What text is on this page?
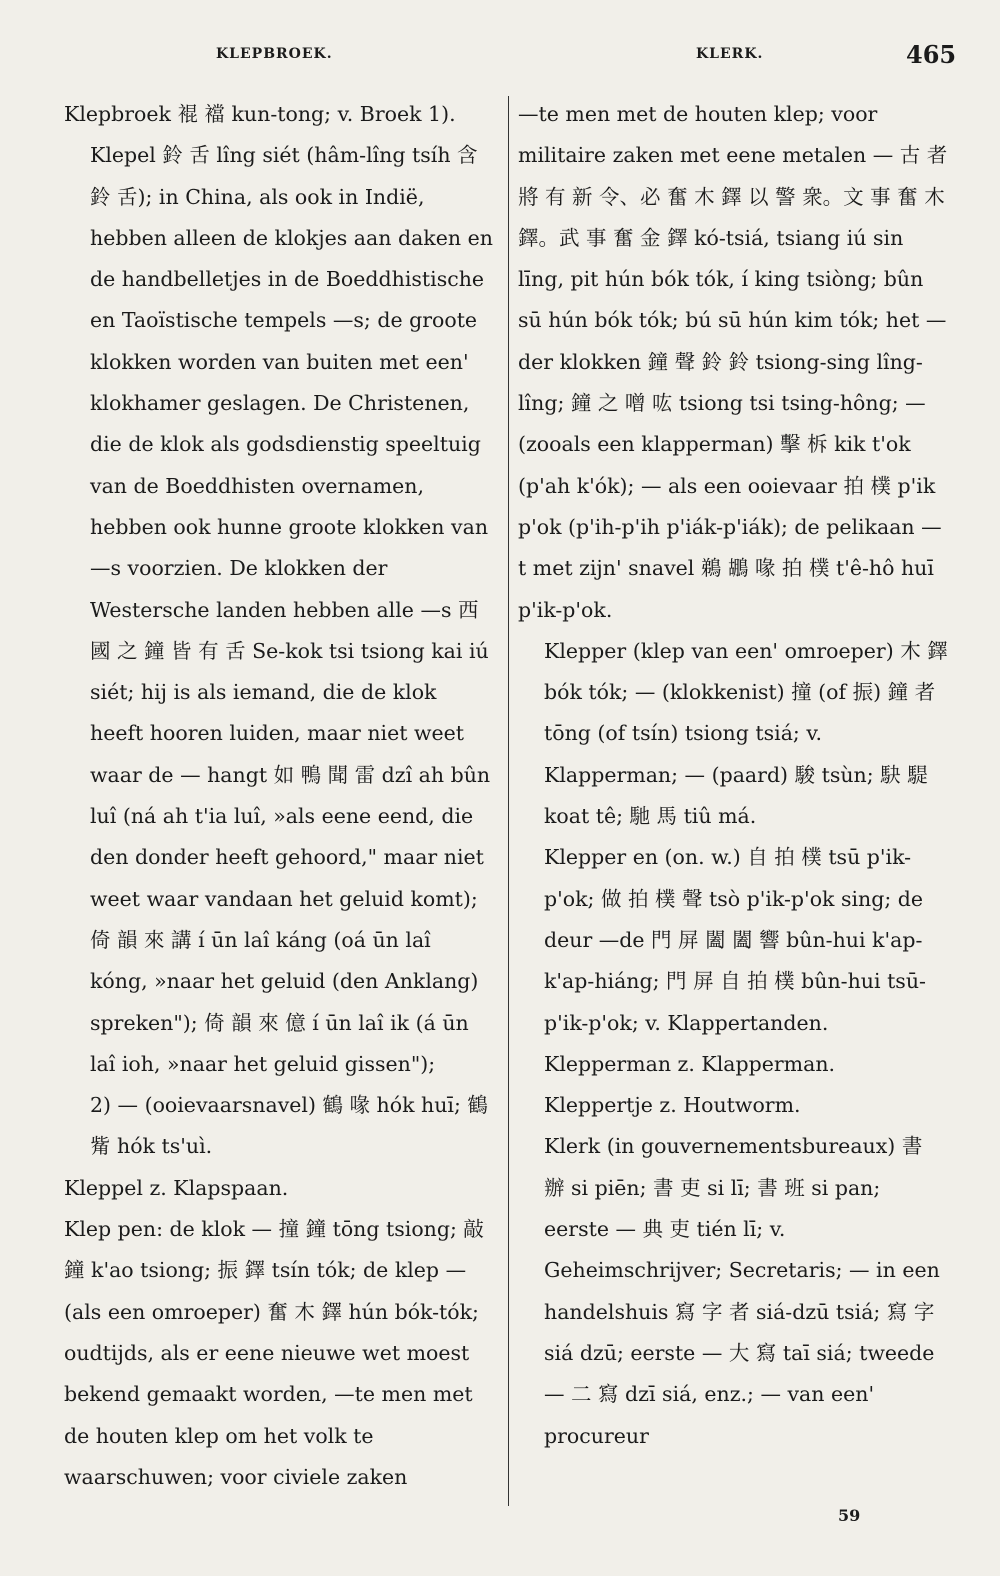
KLEPBROEK.	KLERK.	465

Klepbroek 裩 襠 kun-tong; v. Broek 1).

Klepel 鈴 舌 lîng siét (hâm-lîng tsíh 含 鈴 舌); in China, als ook in Indië, hebben alleen de klokjes aan daken en de handbelletjes in de Boeddhistische en Taoïstische tempels —s; de groote klokken worden van buiten met een' klokhamer geslagen. De Christenen, die de klok als godsdienstig speeltuig van de Boeddhisten overnamen, hebben ook hunne groote klokken van —s voorzien. De klokken der Westersche landen hebben alle —s 西 國 之 鐘 皆 有 舌 Se-kok tsi tsiong kai iú siét; hij is als iemand, die de klok heeft hooren luiden, maar niet weet waar de — hangt 如 鴨 聞 雷 dzî ah bûn luî (ná ah t'ia luî, »als eene eend, die den donder heeft gehoord," maar niet weet waar vandaan het geluid komt); 倚 韻 來 講 í ūn laî káng (oá ūn laî kóng, »naar het geluid (den Anklang) spreken"); 倚 韻 來 億 í ūn laî ik (á ūn laî ioh, »naar het geluid gissen");

2) — (ooievaarsnavel) 鶴 喙 hók huī; 鶴 觜 hók ts'uì.

Kleppel z. Klapspaan.

Klep pen: de klok — 撞 鐘 tōng tsiong; 敲 鐘 k'ao tsiong; 振 鐸 tsín tók; de klep — (als een omroeper) 奮 木 鐸 hún bók-tók; oudtijds, als er eene nieuwe wet moest bekend gemaakt worden, —te men met de houten klep om het volk te waarschuwen; voor civiele zaken

—te men met de houten klep; voor militaire zaken met eene metalen — 古 者 將 有 新 令、必 奮 木 鐸 以 警 衆。文 事 奮 木 鐸。武 事 奮 金 鐸 kó-tsiá, tsiang iú sin līng, pit hún bók tók, í king tsiòng; bûn sū hún bók tók; bú sū hún kim tók; het — der klokken 鐘 聲 鈴 鈴 tsiong-sing lîng-lîng; 鐘 之 噌 吰 tsiong tsi tsing-hông; — (zooals een klapperman) 擊 柝 kik t'ok (p'ah k'ók); — als een ooievaar 拍 樸 p'ik p'ok (p'ih-p'ih p'iák-p'iák); de pelikaan —t met zijn' snavel 鵜 鶘 喙 拍 樸 t'ê-hô huī p'ik-p'ok.

Klepper (klep van een' omroeper) 木 鐸 bók tók; — (klokkenist) 撞 (of 振) 鐘 者 tōng (of tsín) tsiong tsiá; v. Klapperman; — (paard) 駿 tsùn; 駃 騠 koat tê; 馳 馬 tiû má.

Klepper en (on. w.) 自 拍 樸 tsū p'ik-p'ok; 做 拍 樸 聲 tsò p'ik-p'ok sing; de deur —de 門 屏 闔 闔 響 bûn-hui k'ap-k'ap-hiáng; 門 屏 自 拍 樸 bûn-hui tsū-p'ik-p'ok; v. Klappertanden.

Klepperman z. Klapperman.

Kleppertje z. Houtworm.

Klerk (in gouvernementsbureaux) 書 辦 si piēn; 書 吏 si lī; 書 班 si pan; eerste — 典 吏 tién lī; v. Geheimschrijver; Secretaris; — in een handelshuis 寫 字 者 siá-dzū tsiá; 寫 字 siá dzū; eerste — 大 寫 taī siá; tweede — 二 寫 dzī siá, enz.; — van een' procureur

59
